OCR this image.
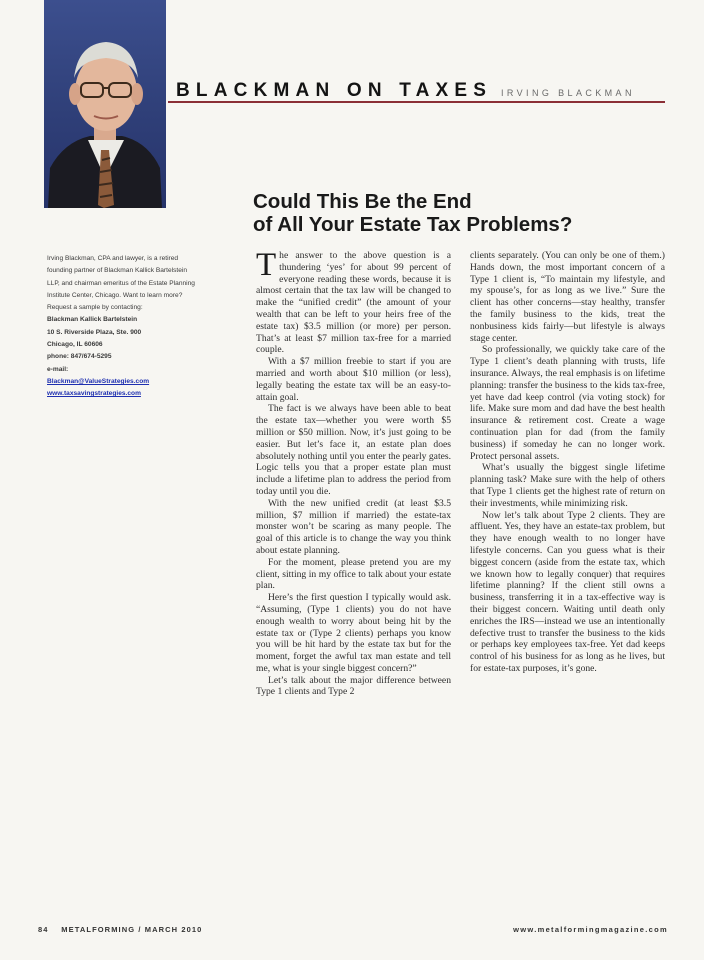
BLACKMAN ON TAXES IRVING BLACKMAN
Could This Be the End
of All Your Estate Tax Problems?

Irving Blackman, CPA and lawyer, is a retired founding partner of Blackman Kallick Bartelstein LLP, and chairman emeritus of the Estate Planning Institute Center, Chicago. Want to learn more? Request a sample by contacting:

Blackman Kallick Bartelstein

10 S. Riverside Plaza, Ste. 900

Chicago, IL 60606

phone: 847/674-5295

e-mail:

Blackman@ValueStrategies.com

www.taxsavingstrategies.com

The answer to the above question is a thundering ‘yes’ for about 99 percent of everyone reading these words, because it is almost certain that the tax law will be changed to make the “unified credit” (the amount of your wealth that can be left to your heirs free of the estate tax) $3.5 million (or more) per person. That’s at least $7 million tax-free for a married couple.

With a $7 million freebie to start if you are married and worth about $10 million (or less), legally beating the estate tax will be an easy-to-attain goal.

The fact is we always have been able to beat the estate tax—whether you were worth $5 million or $50 million. Now, it’s just going to be easier. But let’s face it, an estate plan does absolutely nothing until you enter the pearly gates. Logic tells you that a proper estate plan must include a lifetime plan to address the period from today until you die.

With the new unified credit (at least $3.5 million, $7 million if married) the estate-tax monster won’t be scaring as many people. The goal of this article is to change the way you think about estate planning.

For the moment, please pretend you are my client, sitting in my office to talk about your estate plan.

Here’s the first question I typically would ask. “Assuming, (Type 1 clients) you do not have enough wealth to worry about being hit by the estate tax or (Type 2 clients) perhaps you know you will be hit hard by the estate tax but for the moment, forget the awful tax man estate and tell me, what is your single biggest concern?”

Let’s talk about the major difference between Type 1 clients and Type 2

clients separately. (You can only be one of them.) Hands down, the most important concern of a Type 1 client is, “To maintain my lifestyle, and my spouse’s, for as long as we live.” Sure the client has other concerns—stay healthy, transfer the family business to the kids, treat the nonbusiness kids fairly—but lifestyle is always stage center.

So professionally, we quickly take care of the Type 1 client’s death planning with trusts, life insurance. Always, the real emphasis is on lifetime planning: transfer the business to the kids tax-free, yet have dad keep control (via voting stock) for life. Make sure mom and dad have the best health insurance & retirement cost. Create a wage continuation plan for dad (from the family business) if someday he can no longer work. Protect personal assets.

What’s usually the biggest single lifetime planning task? Make sure with the help of others that Type 1 clients get the highest rate of return on their investments, while minimizing risk.

Now let’s talk about Type 2 clients. They are affluent. Yes, they have an estate-tax problem, but they have enough wealth to no longer have lifestyle concerns. Can you guess what is their biggest concern (aside from the estate tax, which we known how to legally conquer) that requires lifetime planning? If the client still owns a business, transferring it in a tax-effective way is their biggest concern. Waiting until death only enriches the IRS—instead we use an intentionally defective trust to transfer the business to the kids or perhaps key employees tax-free. Yet dad keeps control of his business for as long as he lives, but for estate-tax purposes, it’s gone.

84 METALFORMING / MARCH 2010	www.metalformingmagazine.com
